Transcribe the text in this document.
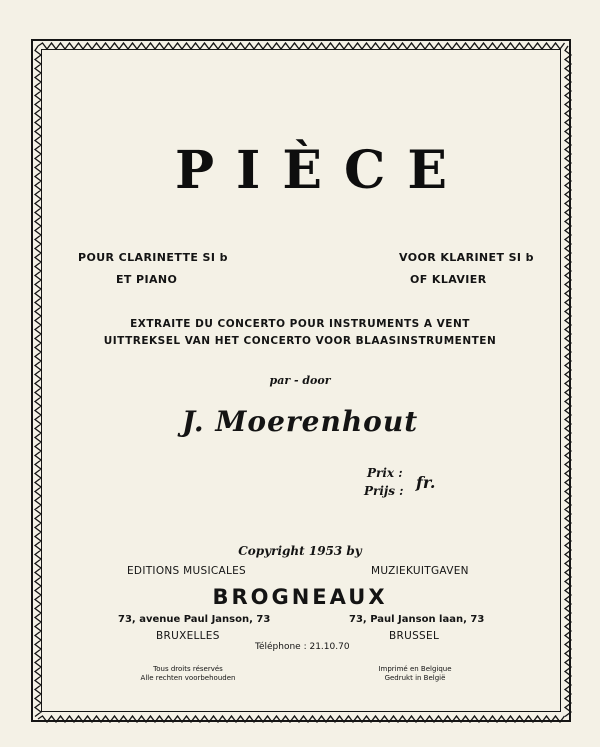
PIÈCE
POUR CLARINETTE SI b
ET PIANO
VOOR KLARINET SI b
OF KLAVIER
EXTRAITE DU CONCERTO POUR INSTRUMENTS A VENT
UITTREKSEL VAN HET CONCERTO VOOR BLAASINSTRUMENTEN
par - door
J. Moerenhout
Prix :
Prijs : fr.
Copyright 1953 by
EDITIONS MUSICALES	MUZIEKUITGAVEN
BROGNEAUX
73, avenue Paul Janson, 73	73, Paul Janson laan, 73
BRUXELLES	BRUSSEL
Téléphone : 21.10.70
Tous droits réservés
Alle rechten voorbehouden
Imprimé en Belgique
Gedrukt in België
